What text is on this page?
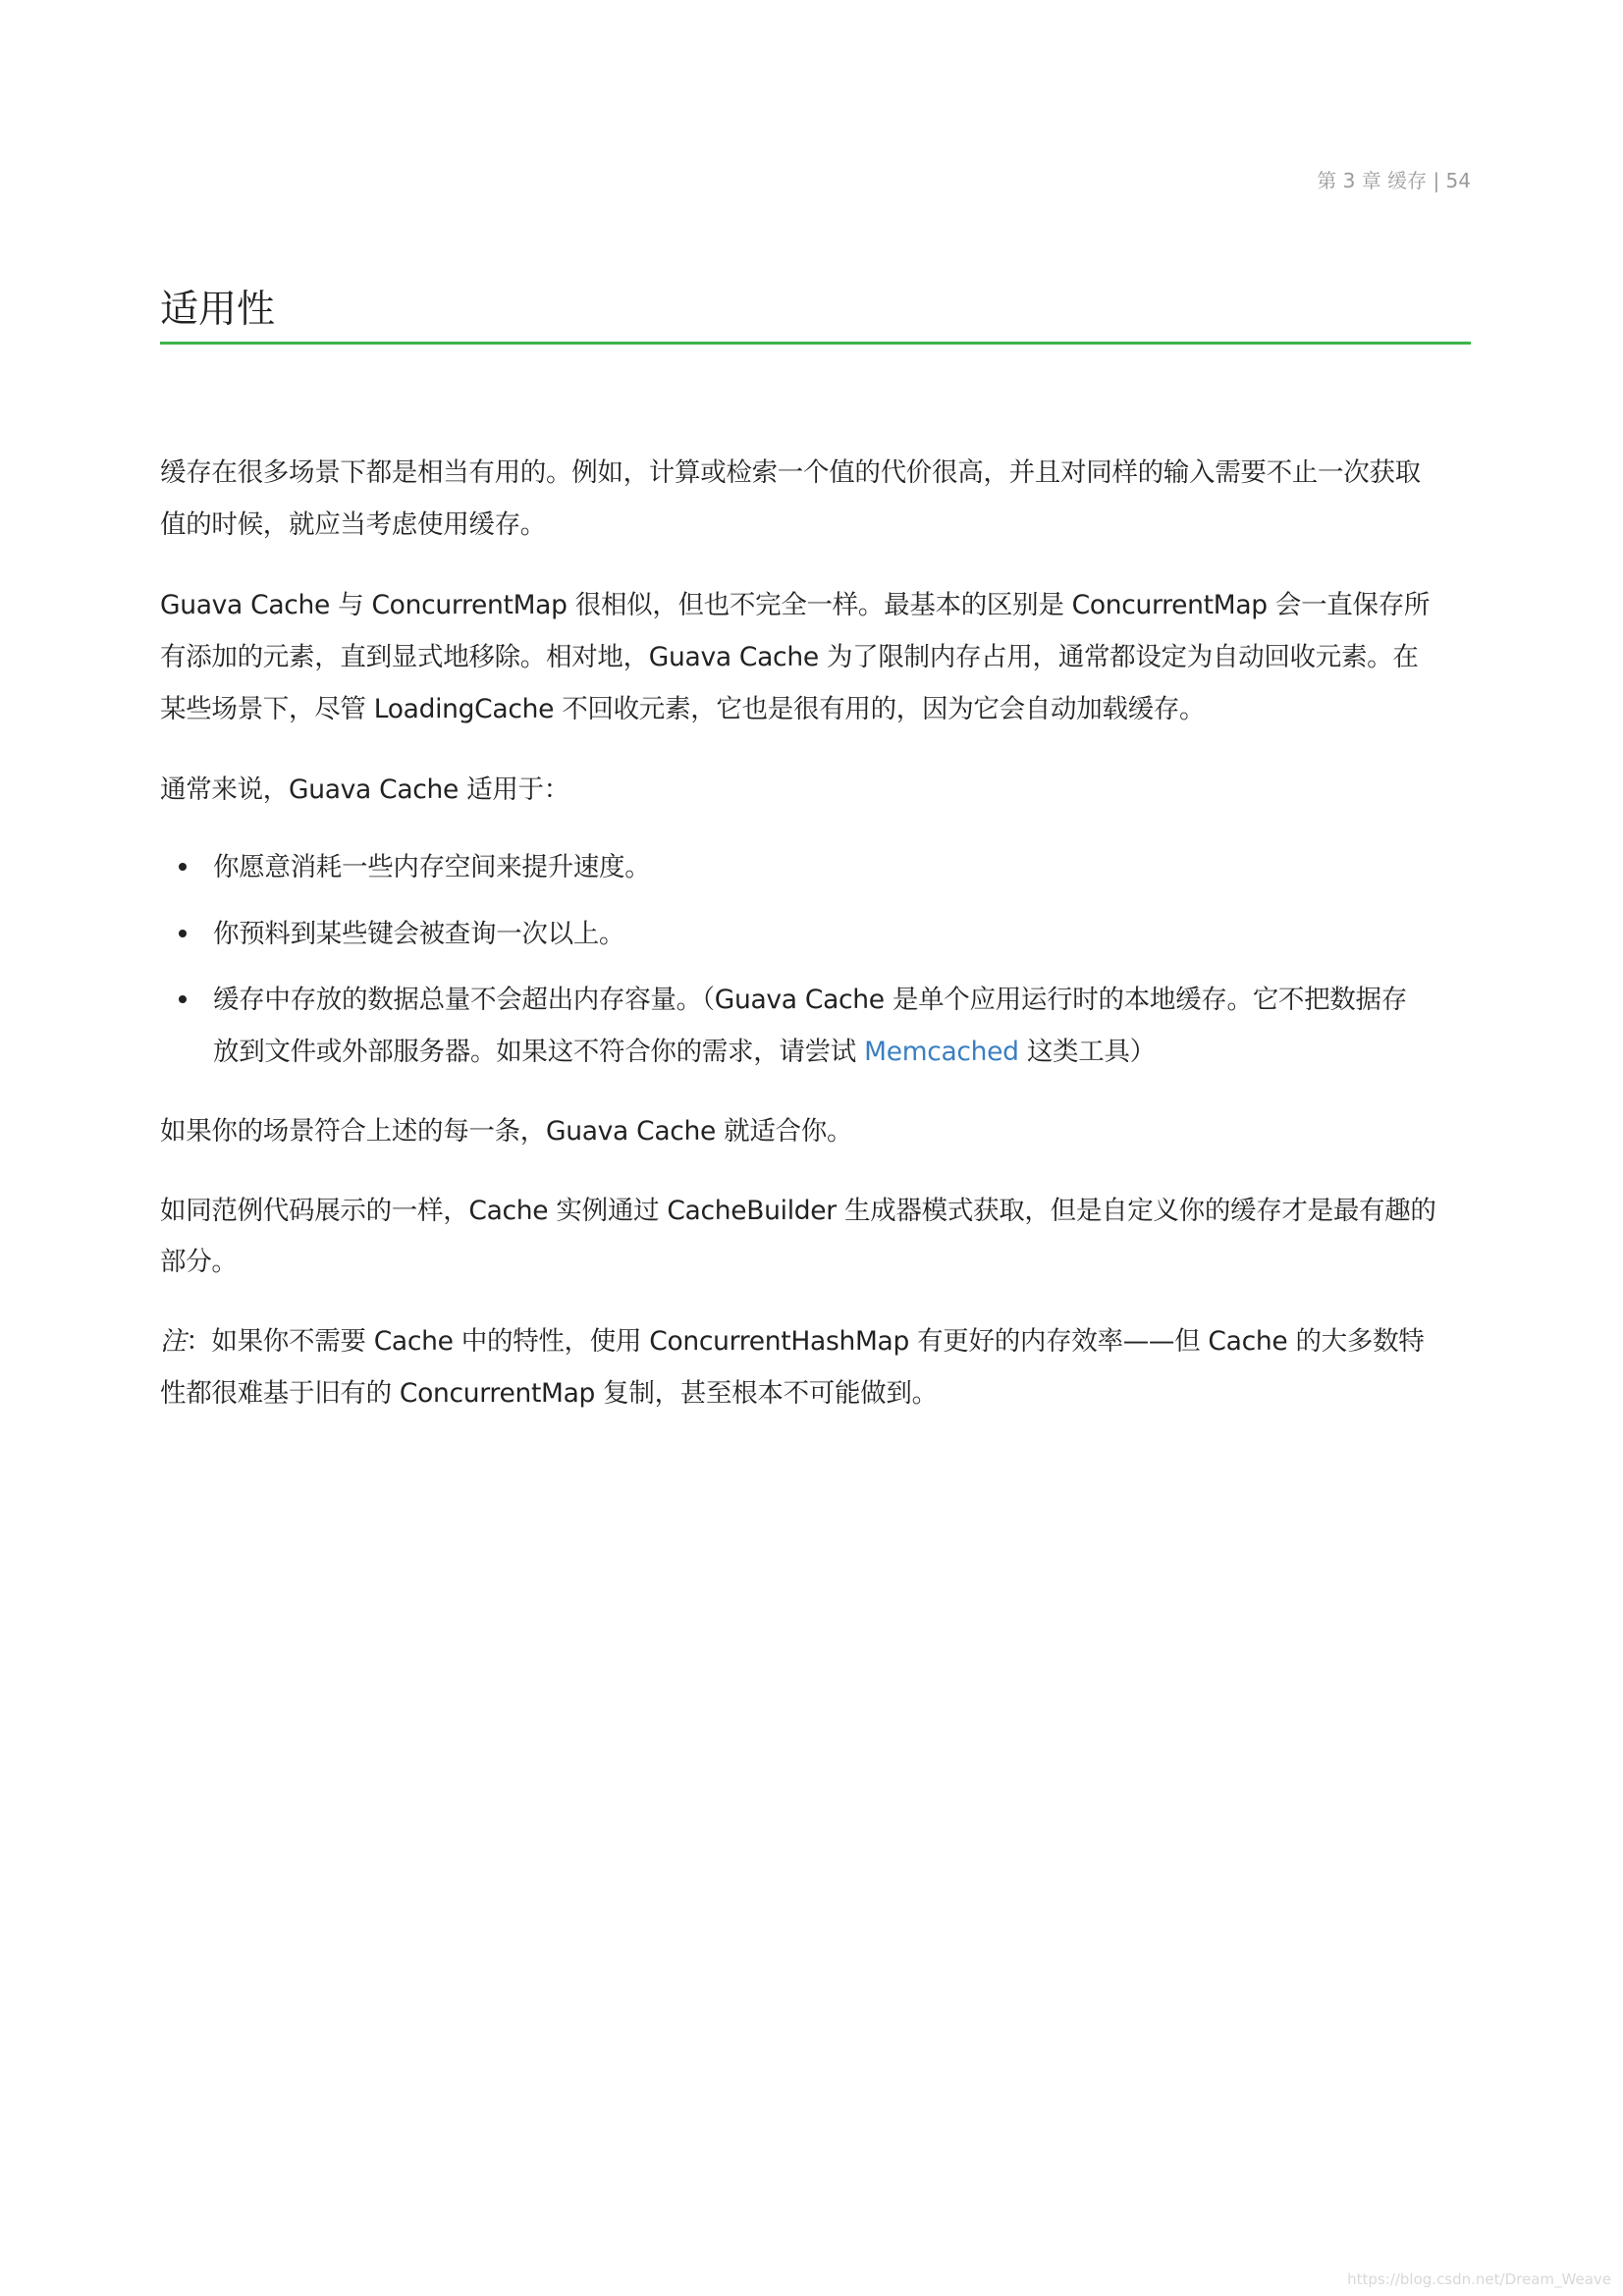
第 3 章 缓存 | 54
适用性
缓存在很多场景下都是相当有用的。例如，计算或检索一个值的代价很高，并且对同样的输入需要不止一次获取
值的时候，就应当考虑使用缓存。
Guava Cache 与 ConcurrentMap 很相似，但也不完全一样。最基本的区别是 ConcurrentMap 会一直保存所
有添加的元素，直到显式地移除。相对地，Guava Cache 为了限制内存占用，通常都设定为自动回收元素。在
某些场景下，尽管 LoadingCache 不回收元素，它也是很有用的，因为它会自动加载缓存。
通常来说，Guava Cache 适用于：
你愿意消耗一些内存空间来提升速度。
你预料到某些键会被查询一次以上。
缓存中存放的数据总量不会超出内存容量。（Guava Cache 是单个应用运行时的本地缓存。它不把数据存
放到文件或外部服务器。如果这不符合你的需求，请尝试 Memcached 这类工具）
如果你的场景符合上述的每一条，Guava Cache 就适合你。
如同范例代码展示的一样，Cache 实例通过 CacheBuilder 生成器模式获取，但是自定义你的缓存才是最有趣的
部分。
注：如果你不需要 Cache 中的特性，使用 ConcurrentHashMap 有更好的内存效率——但 Cache 的大多数特
性都很难基于旧有的 ConcurrentMap 复制，甚至根本不可能做到。
https://blog.csdn.net/Dream_Weave
